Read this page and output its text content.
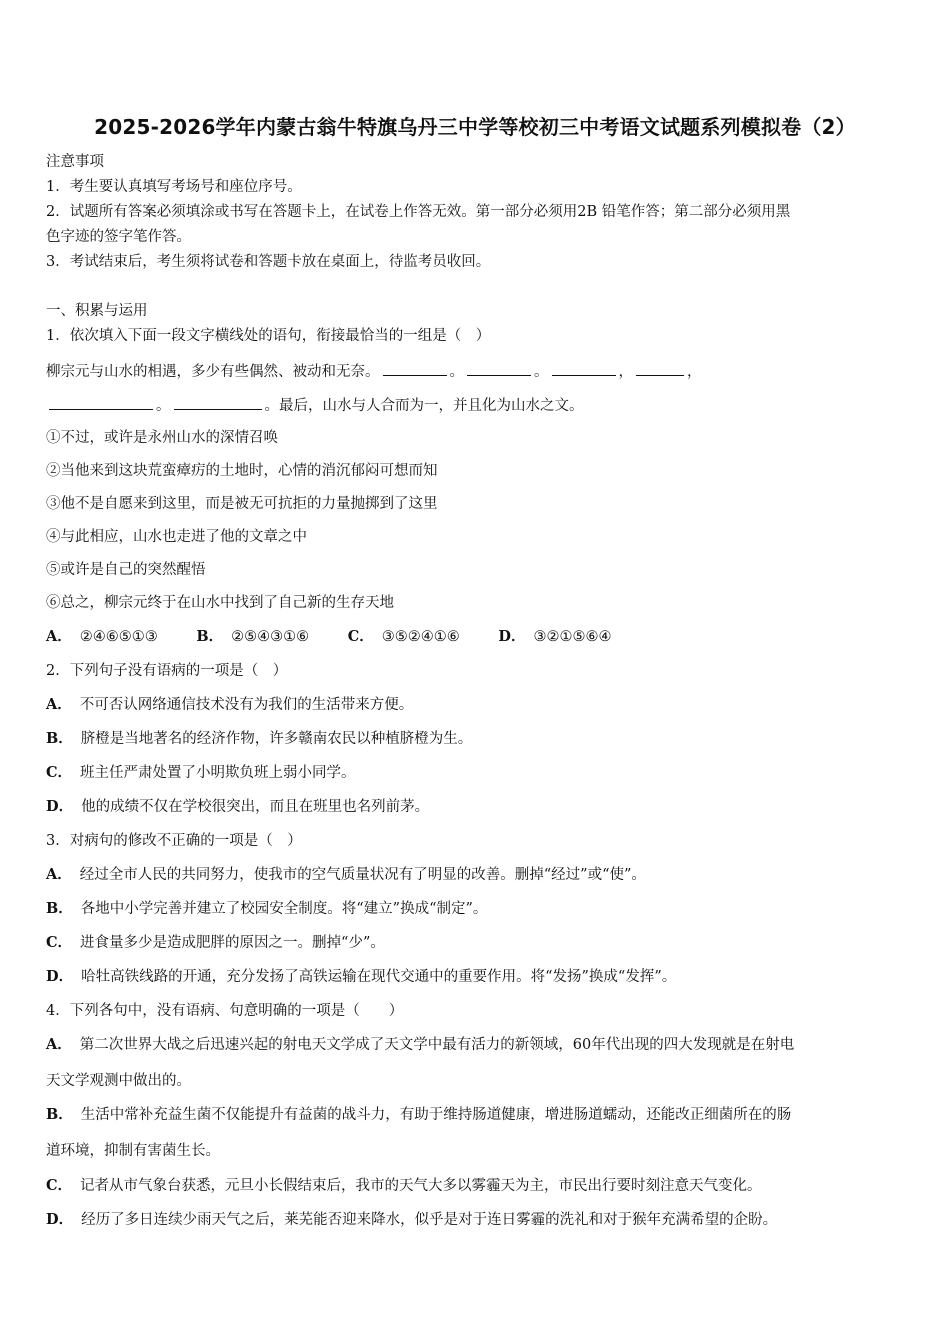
2025-2026学年内蒙古翁牛特旗乌丹三中学等校初三中考语文试题系列模拟卷（2）
注意事项
1．考生要认真填写考场号和座位序号。
2．试题所有答案必须填涂或书写在答题卡上，在试卷上作答无效。第一部分必须用2B 铅笔作答；第二部分必须用黑
色字迹的签字笔作答。
3．考试结束后，考生须将试卷和答题卡放在桌面上，待监考员收回。
一、积累与运用
1．依次填入下面一段文字横线处的语句，衔接最恰当的一组是（　）
柳宗元与山水的相遇，多少有些偶然、被动和无奈。	。	。	，	，
。	。最后，山水与人合而为一，并且化为山水之文。
①不过，或许是永州山水的深情召唤
②当他来到这块荒蛮瘴疠的土地时，心情的消沉郁闷可想而知
③他不是自愿来到这里，而是被无可抗拒的力量抛掷到了这里
④与此相应，山水也走进了他的文章之中
⑤或许是自己的突然醒悟
⑥总之，柳宗元终于在山水中找到了自己新的生存天地
A． ②④⑥⑤①③	B． ②⑤④③①⑥	C． ③⑤②④①⑥	D． ③②①⑤⑥④
2．下列句子没有语病的一项是（　）
A． 不可否认网络通信技术没有为我们的生活带来方便。
B． 脐橙是当地著名的经济作物，许多赣南农民以种植脐橙为生。
C． 班主任严肃处置了小明欺负班上弱小同学。
D． 他的成绩不仅在学校很突出，而且在班里也名列前茅。
3．对病句的修改不正确的一项是（　）
A． 经过全市人民的共同努力，使我市的空气质量状况有了明显的改善。删掉“经过”或“使”。
B． 各地中小学完善并建立了校园安全制度。将“建立”换成“制定”。
C． 进食量多少是造成肥胖的原因之一。删掉“少”。
D． 哈牡高铁线路的开通，充分发扬了高铁运输在现代交通中的重要作用。将“发扬”换成“发挥”。
4．下列各句中，没有语病、句意明确的一项是（　　）
A． 第二次世界大战之后迅速兴起的射电天文学成了天文学中最有活力的新领域，60年代出现的四大发现就是在射电
天文学观测中做出的。
B． 生活中常补充益生菌不仅能提升有益菌的战斗力，有助于维持肠道健康，增进肠道蠕动，还能改正细菌所在的肠
道环境，抑制有害菌生长。
C． 记者从市气象台获悉，元旦小长假结束后，我市的天气大多以雾霾天为主，市民出行要时刻注意天气变化。
D． 经历了多日连续少雨天气之后，莱芜能否迎来降水，似乎是对于连日雾霾的洗礼和对于猴年充满希望的企盼。
